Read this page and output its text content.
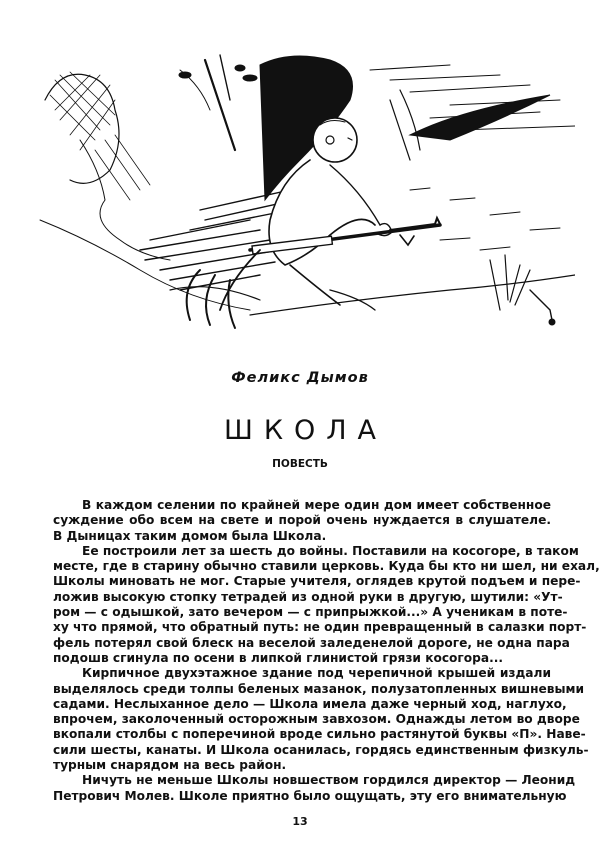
Феликс Дымов
ШКОЛА
ПОВЕСТЬ
В каждом селении по крайней мере один дом имеет собственное
суждение обо всем на свете и порой очень нуждается в слушателе.
В Дыницах таким домом была Школа.
Ее построили лет за шесть до войны. Поставили на косогоре, в таком
месте, где в старину обычно ставили церковь. Куда бы кто ни шел, ни ехал,
Школы миновать не мог. Старые учителя, оглядев крутой подъем и пере-
ложив высокую стопку тетрадей из одной руки в другую, шутили: «Ут-
ром — с одышкой, зато вечером — с припрыжкой...» А ученикам в поте-
ху что прямой, что обратный путь: не один превращенный в салазки порт-
фель потерял свой блеск на веселой заледенелой дороге, не одна пара
подошв сгинула по осени в липкой глинистой грязи косогора...
Кирпичное двухэтажное здание под черепичной крышей издали
выделялось среди толпы беленых мазанок, полузатопленных вишневыми
садами. Неслыханное дело — Школа имела даже черный ход, наглухо,
впрочем, заколоченный осторожным завхозом. Однажды летом во дворе
вкопали столбы с поперечиной вроде сильно растянутой буквы «П». Наве-
сили шесты, канаты. И Школа осанилась, гордясь единственным физкуль-
турным снарядом на весь район.
Ничуть не меньше Школы новшеством гордился директор — Леонид
Петрович Молев. Школе приятно было ощущать, эту его внимательную
13
